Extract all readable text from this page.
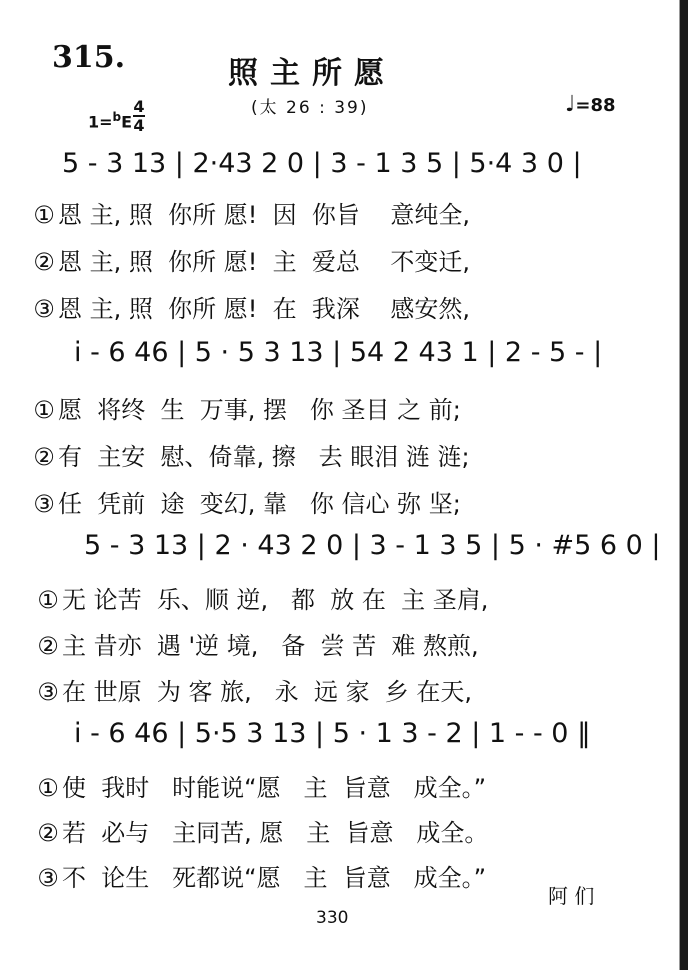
315.	照主所愿
(太 26 : 39)
1=$^b$E
4
4
♩=88
5 - 3 13 | 2·43 2 0 | 3 - 1 3 5 | 5·4 3 0 |
① 恩 主, 照  你所 愿!  因  你旨    意纯全,
② 恩 主, 照  你所 愿!  主  爱总    不变迁,
③ 恩 主, 照  你所 愿!  在  我深    感安然,
i - 6 46 | 5 · 5 3 13 | 54 2 43 1 | 2 - 5 - |
① 愿  将终  生  万事, 摆   你 圣目 之 前;
② 有  主安  慰、倚靠, 擦   去 眼泪 涟 涟;
③ 任  凭前  途  变幻, 靠   你 信心 弥 坚;
5 - 3 13 | 2 · 43 2 0 | 3 - 1 3 5 | 5 · #5 6 0 |
① 无 论苦  乐、顺 逆,   都  放 在  主 圣肩,
② 主 昔亦  遇 '逆 境,   备  尝 苦  难 熬煎,
③ 在 世原  为 客 旅,   永  远 家  乡 在天,
i - 6 46 | 5·5 3 13 | 5 · 1 3 - 2 | 1 - - 0 ‖
① 使  我时   时能说“愿   主  旨意   成全。”
② 若  必与   主同苦, 愿   主  旨意   成全。
③ 不  论生   死都说“愿   主  旨意   成全。”
阿 们
330
